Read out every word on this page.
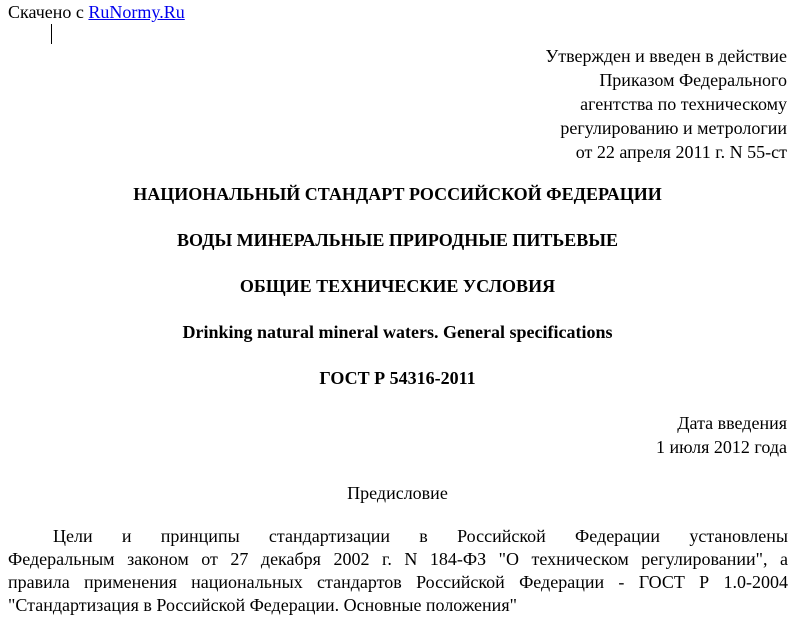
Скачено с RuNormy.Ru
Утвержден и введен в действие
Приказом Федерального
агентства по техническому
регулированию и метрологии
от 22 апреля 2011 г. N 55-ст
НАЦИОНАЛЬНЫЙ СТАНДАРТ РОССИЙСКОЙ ФЕДЕРАЦИИ
ВОДЫ МИНЕРАЛЬНЫЕ ПРИРОДНЫЕ ПИТЬЕВЫЕ
ОБЩИЕ ТЕХНИЧЕСКИЕ УСЛОВИЯ
Drinking natural mineral waters. General specifications
ГОСТ Р 54316-2011
Дата введения
1 июля 2012 года
Предисловие
Цели и принципы стандартизации в Российской Федерации установлены
Федеральным законом от 27 декабря 2002 г. N 184-ФЗ "О техническом регулировании", а
правила применения национальных стандартов Российской Федерации - ГОСТ Р 1.0-2004
"Стандартизация в Российской Федерации. Основные положения"
